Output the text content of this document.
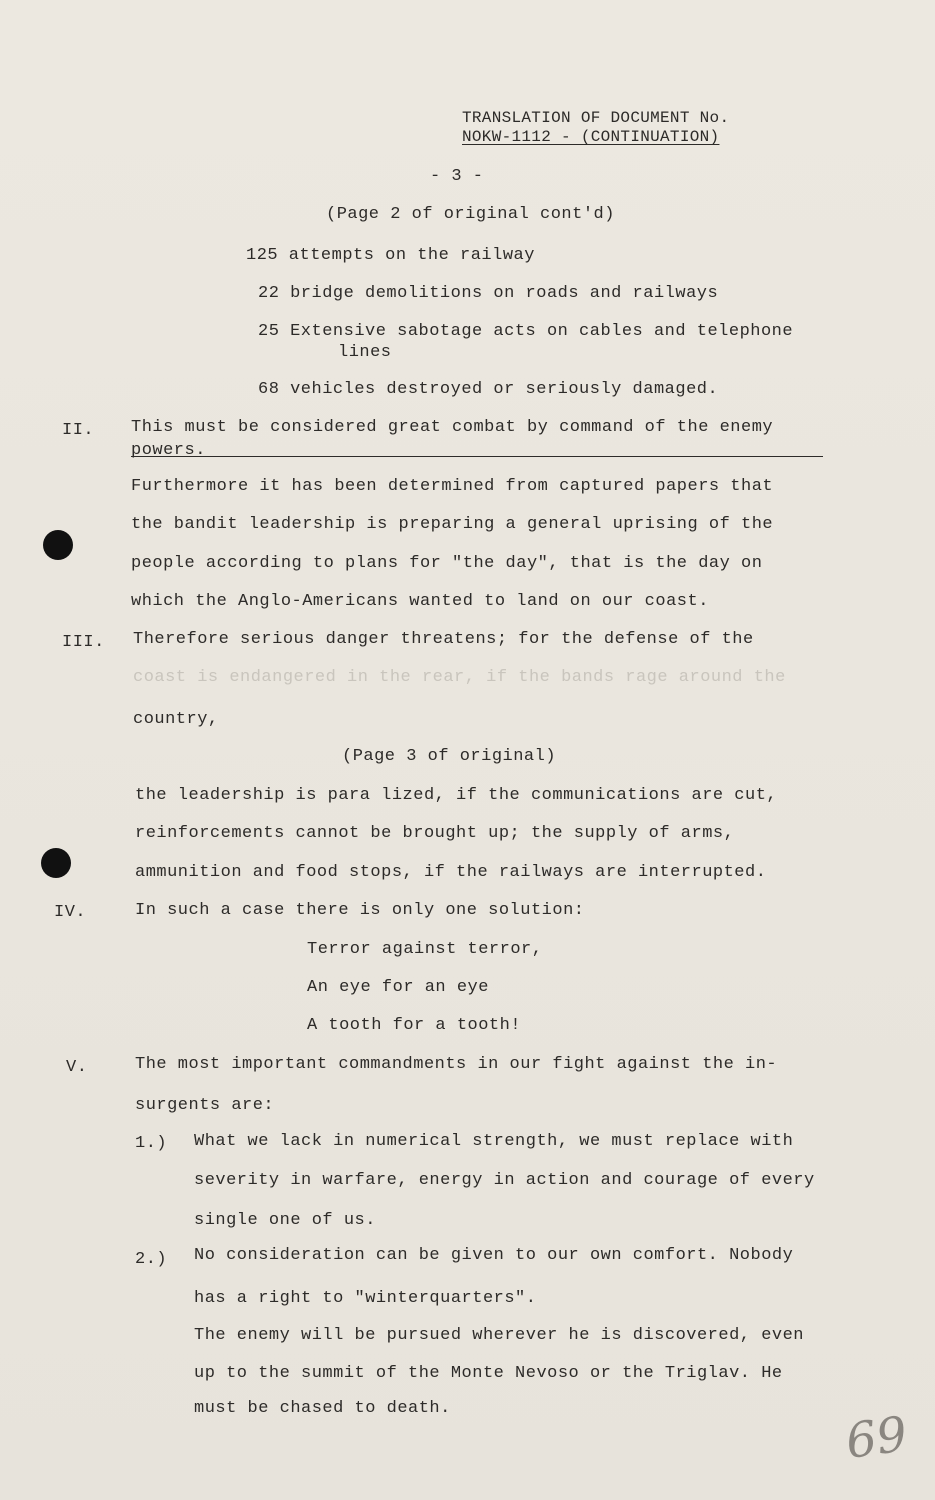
TRANSLATION OF DOCUMENT No.
NOKW-1112 - (CONTINUATION)
- 3 -
(Page 2 of original cont'd)
125 attempts on the railway
22 bridge demolitions on roads and railways
25 Extensive sabotage acts on cables and telephone
lines
68 vehicles destroyed or seriously damaged.
II. This must be considered great combat by command of the enemy
powers.
Furthermore it has been determined from captured papers that
the bandit leadership is preparing a general uprising of the
people according to plans for "the day", that is the day on
which the Anglo-Americans wanted to land on our coast.
III. Therefore serious danger threatens; for the defense of the
coast is endangered in the rear, if the bands rage around the
country,
(Page 3 of original)
the leadership is para lized, if the communications are cut,
reinforcements cannot be brought up; the supply of arms,
ammunition and food stops, if the railways are interrupted.
IV.	In such a case there is only one solution:
Terror against terror,
An eye for an eye
A tooth for a tooth!
V.	The most important commandments in our fight against the in-
surgents are:
1.) What we lack in numerical strength, we must replace with
severity in warfare, energy in action and courage of every
single one of us.
2.) No consideration can be given to our own comfort. Nobody
has a right to "winterquarters".
The enemy will be pursued wherever he is discovered, even
up to the summit of the Monte Nevoso or the Triglav. He
must be chased to death.	69
